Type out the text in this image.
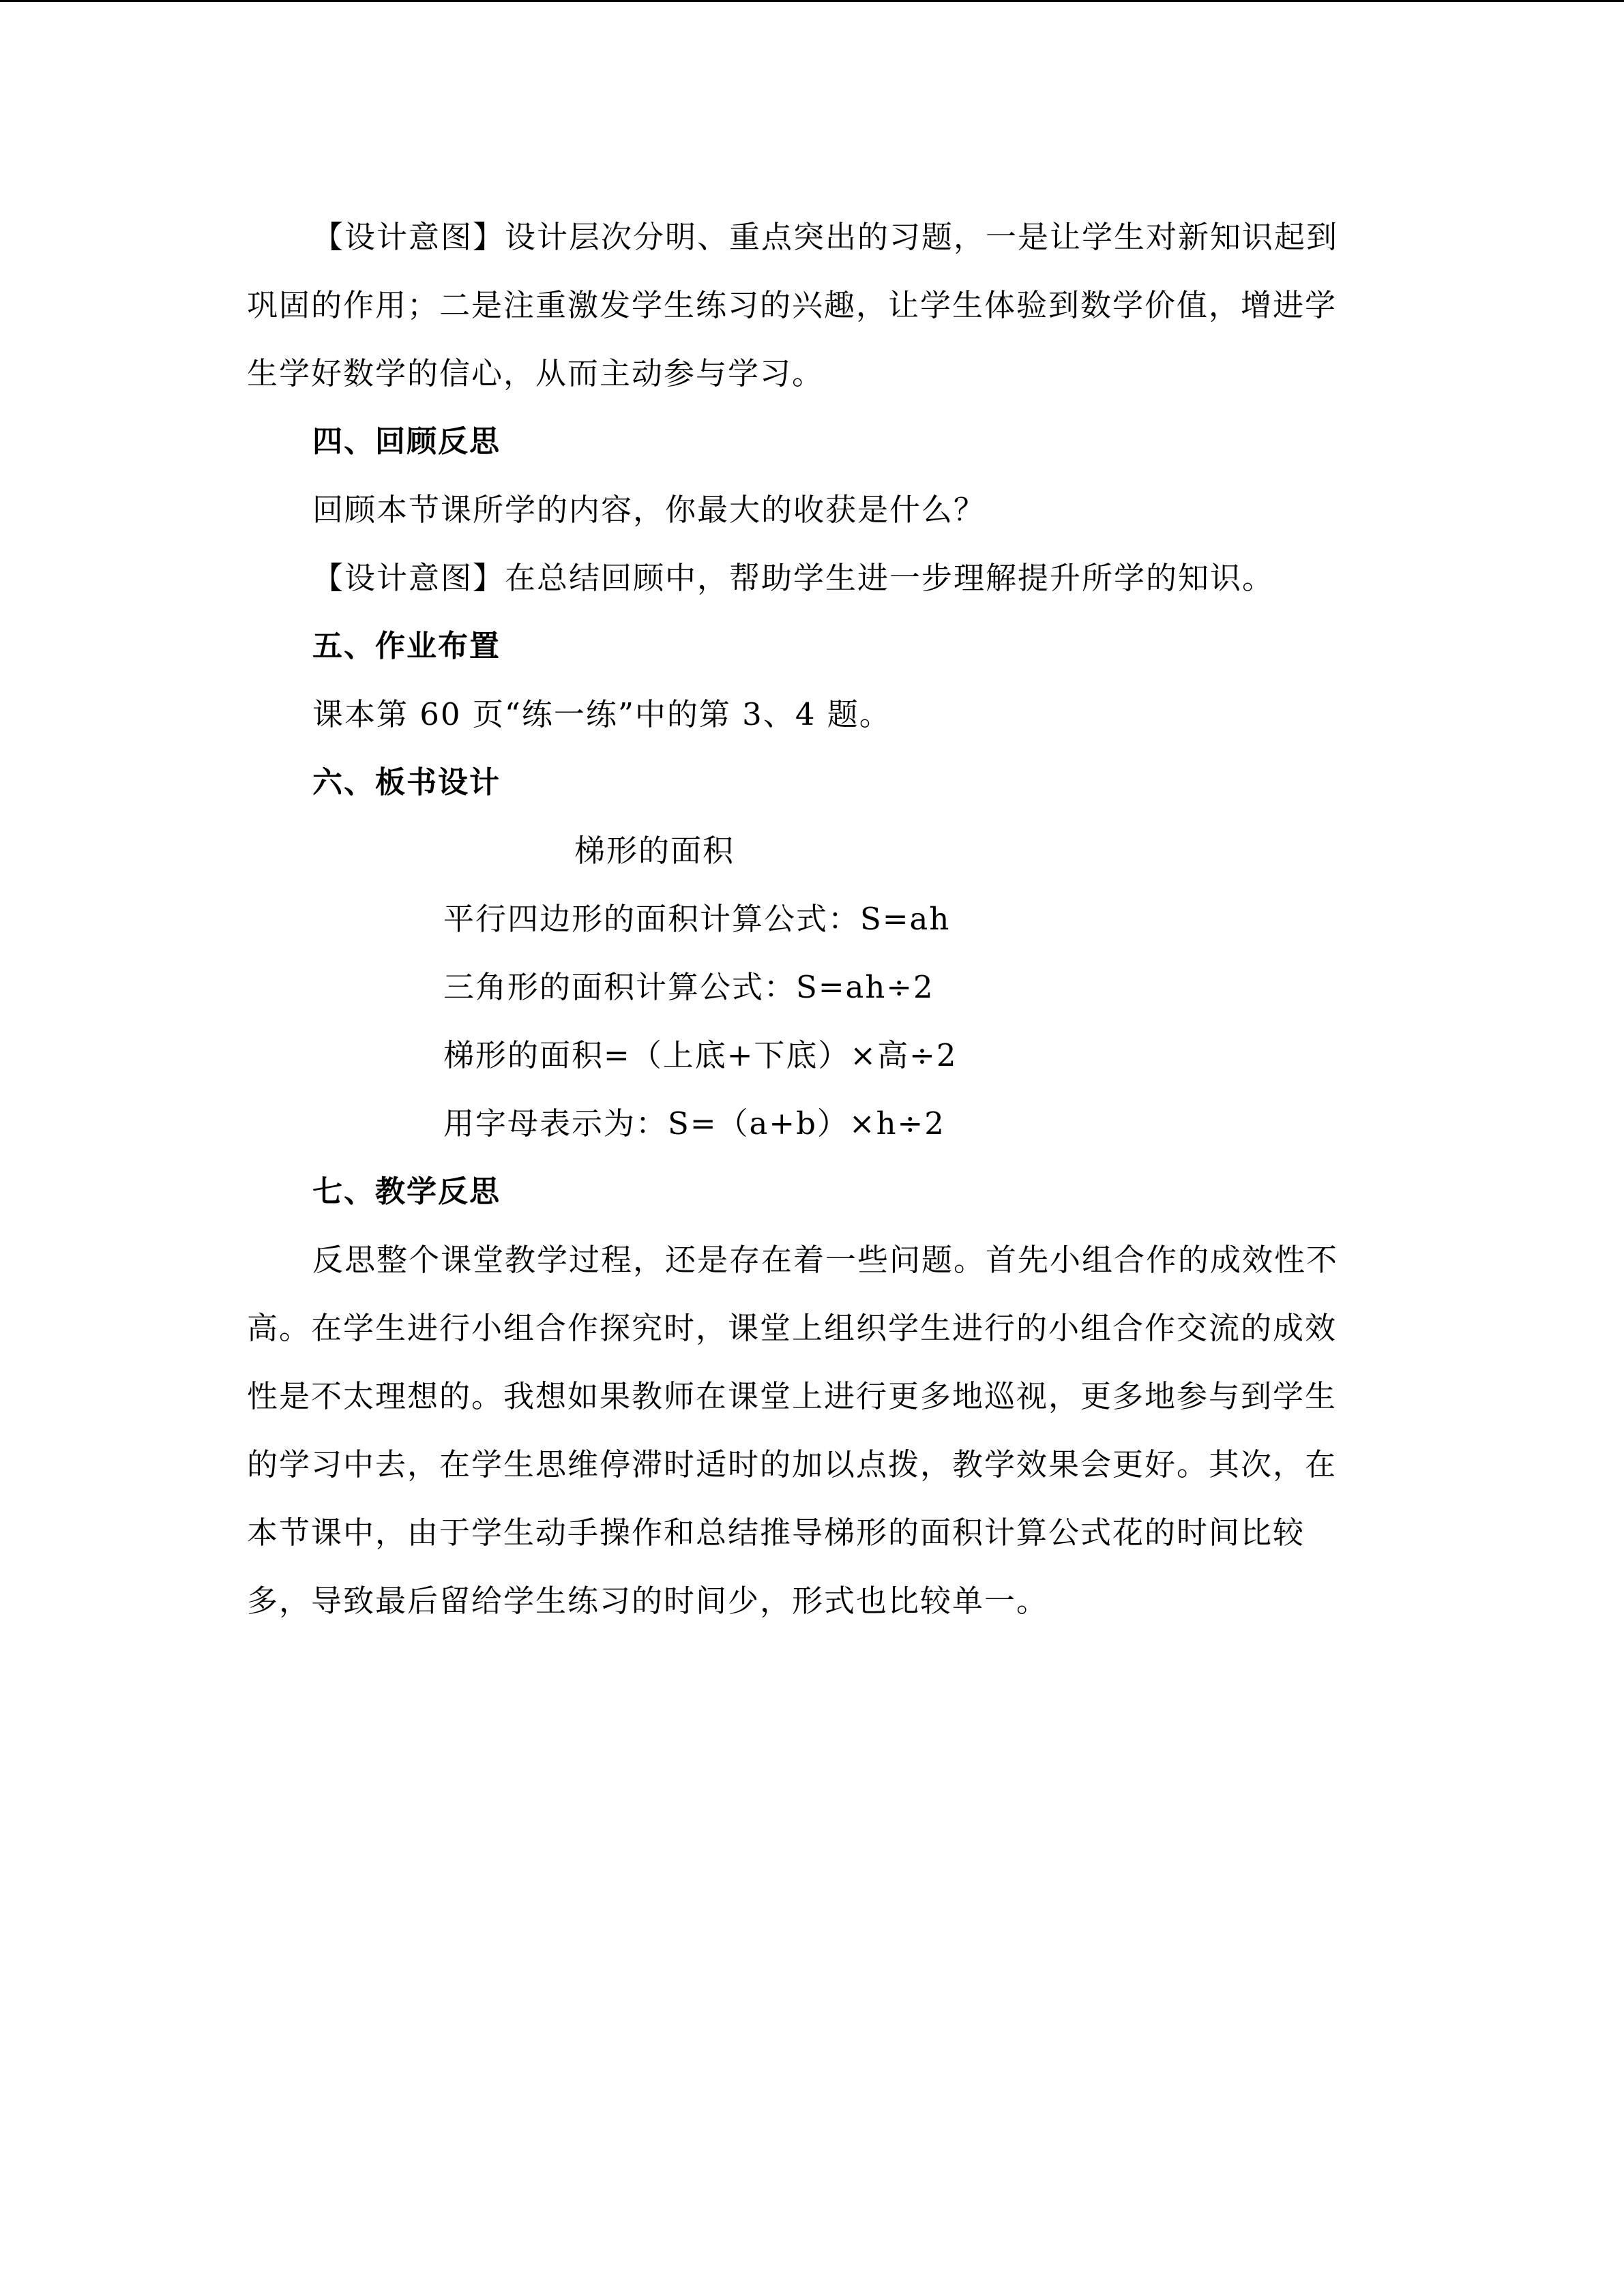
【设计意图】设计层次分明、重点突出的习题，一是让学生对新知识起到

巩固的作用；二是注重激发学生练习的兴趣，让学生体验到数学价值，增进学

生学好数学的信心，从而主动参与学习。

四、回顾反思

回顾本节课所学的内容，你最大的收获是什么？

【设计意图】在总结回顾中，帮助学生进一步理解提升所学的知识。

五、作业布置

课本第 60 页“练一练”中的第 3、4 题。

六、板书设计

梯形的面积

平行四边形的面积计算公式：S=ah

三角形的面积计算公式：S=ah÷2

梯形的面积=（上底+下底）×高÷2

用字母表示为：S=（a+b）×h÷2

七、教学反思

反思整个课堂教学过程，还是存在着一些问题。首先小组合作的成效性不

高。在学生进行小组合作探究时，课堂上组织学生进行的小组合作交流的成效

性是不太理想的。我想如果教师在课堂上进行更多地巡视，更多地参与到学生

的学习中去，在学生思维停滞时适时的加以点拨，教学效果会更好。其次，在

本节课中，由于学生动手操作和总结推导梯形的面积计算公式花的时间比较

多，导致最后留给学生练习的时间少，形式也比较单一。
